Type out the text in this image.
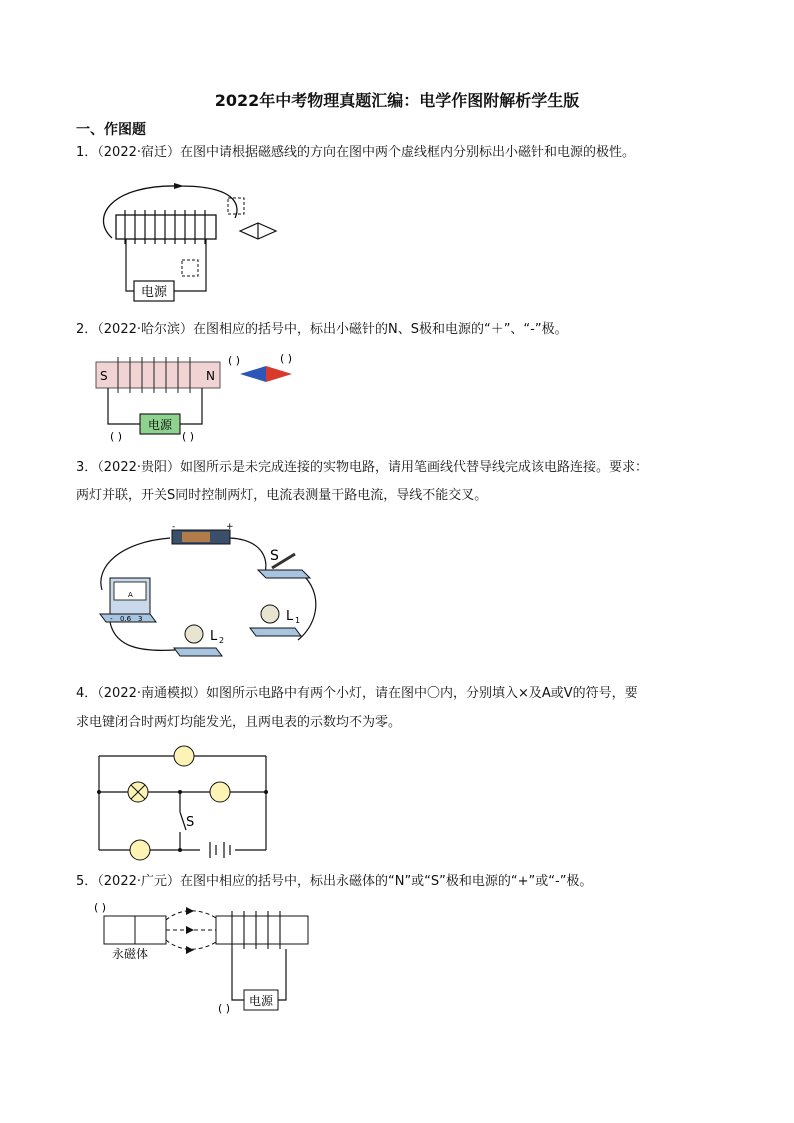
2022年中考物理真题汇编：电学作图附解析学生版
一、作图题
1．（2022·宿迁）在图中请根据磁感线的方向在图中两个虚线框内分别标出小磁针和电源的极性。
电源
2．（2022·哈尔滨）在图相应的括号中，标出小磁针的N、S极和电源的“＋”、“-”极。
S	N
电源
( )	( )
( )	( )
3．（2022·贵阳）如图所示是未完成连接的实物电路，请用笔画线代替导线完成该电路连接。要求：
两灯并联，开关S同时控制两灯，电流表测量干路电流，导线不能交叉。
-	+
S
A
- 0.6 3	L 1
L 2
4．（2022·南通模拟）如图所示电路中有两个小灯，请在图中〇内，分别填入×及A或V的符号，要
求电键闭合时两灯均能发光，且两电表的示数均不为零。
S
5．（2022·广元）在图中相应的括号中，标出永磁体的“N”或“S”极和电源的“+”或“-”极。
( )
永磁体
电源
( )
